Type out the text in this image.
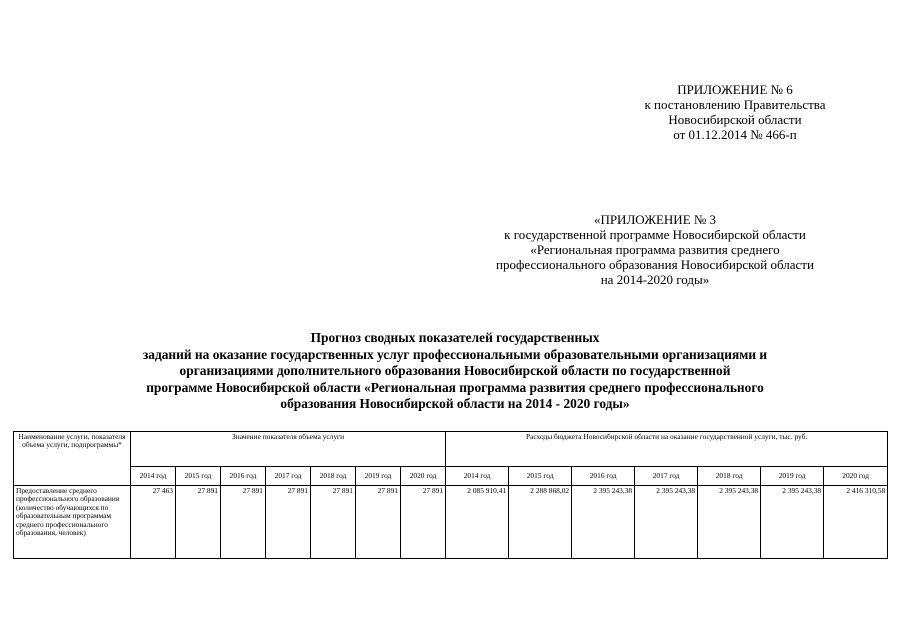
ПРИЛОЖЕНИЕ № 6
к постановлению Правительства
Новосибирской области
от 01.12.2014 № 466-п
«ПРИЛОЖЕНИЕ № 3
к государственной программе Новосибирской области
«Региональная программа развития среднего
профессионального образования Новосибирской области
на 2014-2020 годы»
Прогноз сводных показателей государственных
заданий на оказание государственных услуг профессиональными образовательными организациями и
организациями дополнительного образования Новосибирской области по государственной
программе Новосибирской области «Региональная программа развития среднего профессионального
образования Новосибирской области на 2014 - 2020 годы»
Наименование услуги, показателя объема услуги, подпрограммы*	Значение показателя объема услуги							Расходы бюджета Новосибирской области на оказание государственной услуги, тыс. руб.						
	2014 год	2015 год	2016 год	2017 год	2018 год	2019 год	2020 год	2014 год	2015 год	2016 год	2017 год	2018 год	2019 год	2020 год
Предоставление среднего профессионального образования (количество обучающихся по образовательным программам среднего профессионального образования, человек)	27 463	27 891	27 891	27 891	27 891	27 891	27 891	2 085 910,41	2 288 868,02	2 395 243,38	2 395 243,38	2 395 243,38	2 395 243,38	2 416 310,58
